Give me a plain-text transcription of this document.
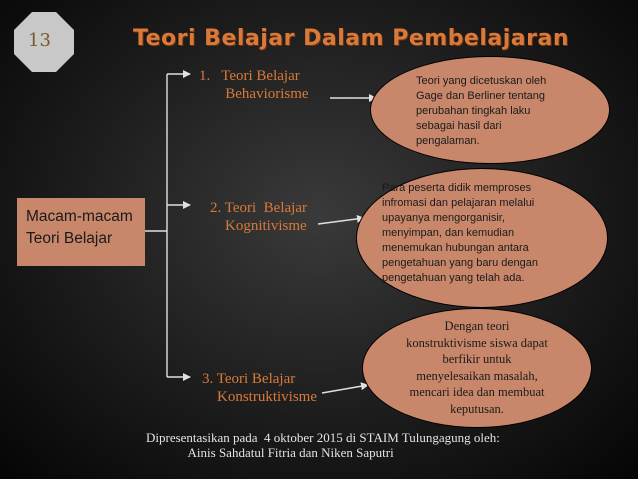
13	Teori Belajar Dalam Pembelajaran
Macam-macam
Teori Belajar
1.   Teori Belajar
Behaviorisme
2. Teori  Belajar
Kognitivisme
3. Teori Belajar
Konstruktivisme
Teori yang dicetuskan oleh
Gage dan Berliner tentang
perubahan tingkah laku
sebagai hasil dari
pengalaman.
Para peserta didik memproses
infromasi dan pelajaran melalui
upayanya mengorganisir,
menyimpan, dan kemudian
menemukan hubungan antara
pengetahuan yang baru dengan
pengetahuan yang telah ada.
Dengan teori
konstruktivisme siswa dapat
berfikir untuk
menyelesaikan masalah,
mencari idea dan membuat
keputusan.
Dipresentasikan pada  4 oktober 2015 di STAIM Tulungagung oleh:
Ainis Sahdatul Fitria dan Niken Saputri
